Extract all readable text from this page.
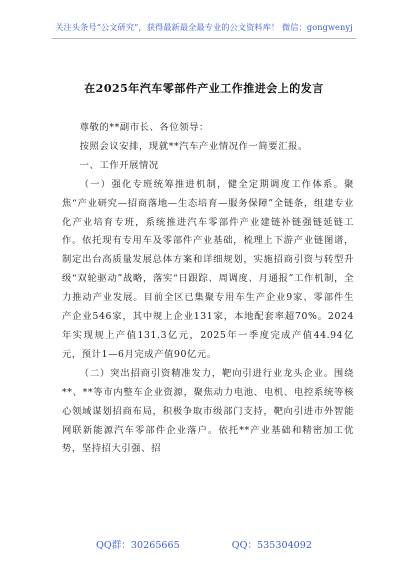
关注头条号“公文研究”，获得最新最全最专业的公文资料库！ 微信：gongwenyj
在2025年汽车零部件产业工作推进会上的发言

尊敬的**副市长、各位领导：

按照会议安排，现就**汽车产业情况作一简要汇报。

一、工作开展情况

（一）强化专班统筹推进机制，健全定期调度工作体系。聚焦“产业研究—招商落地—生态培育—服务保障”全链条，组建专业化产业培育专班，系统推进汽车零部件产业建链补链强链延链工作。依托现有专用车及零部件产业基础，梳理上下游产业链图谱，制定出台高质量发展总体方案和详细规划，实施招商引资与转型升级“双轮驱动”战略，落实“日跟踪、周调度、月通报”工作机制，全力推动产业发展。目前全区已集聚专用车生产企业9家、零部件生产企业546家，其中规上企业131家，本地配套率超70%。2024年实现规上产值131.3亿元，2025年一季度完成产值44.94亿元，预计1—6月完成产值90亿元。

（二）突出招商引资精准发力，靶向引进行业龙头企业。围绕**、**等市内整车企业资源，聚焦动力电池、电机、电控系统等核心领域谋划招商布局，积极争取市级部门支持，靶向引进市外智能网联新能源汽车零部件企业落户。依托**产业基础和精密加工优势，坚持招大引强、招

QQ群：30265665	QQ：535304092
